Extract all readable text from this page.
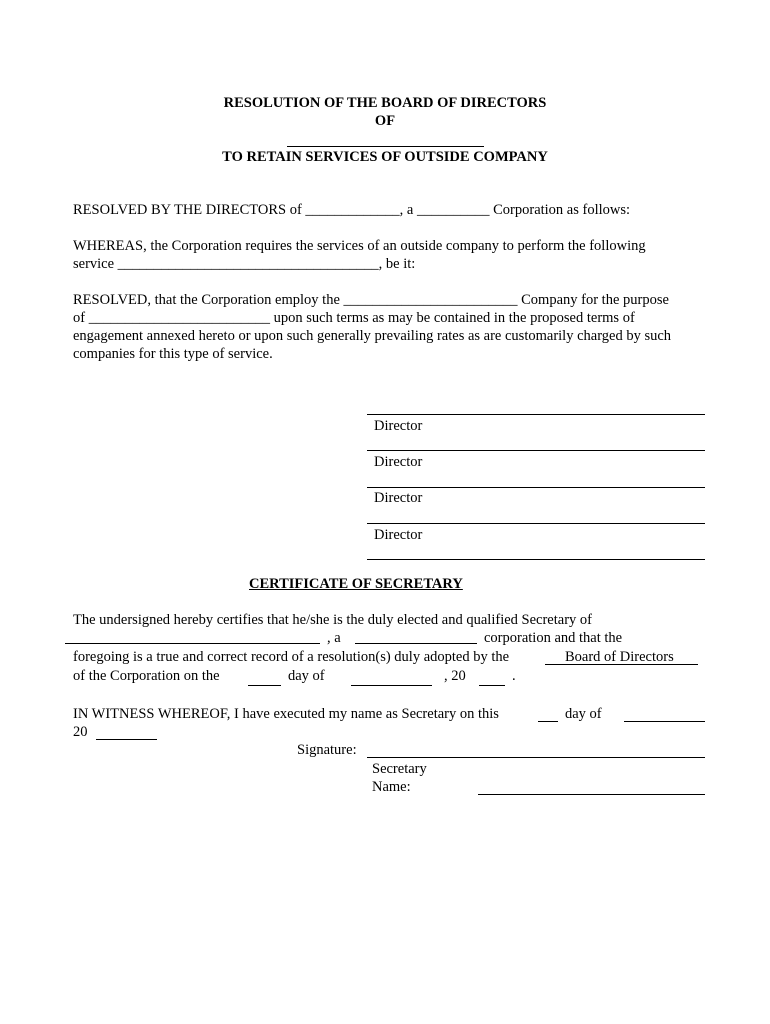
RESOLUTION OF THE BOARD OF DIRECTORS
OF
TO RETAIN SERVICES OF OUTSIDE COMPANY
RESOLVED BY THE DIRECTORS of _____________, a __________ Corporation as follows:
WHEREAS, the Corporation requires the services of an outside company to perform the following
service ____________________________________, be it:
RESOLVED, that the Corporation employ the ________________________ Company for the purpose
of _________________________ upon such terms as may be contained in the proposed terms of
engagement annexed hereto or upon such generally prevailing rates as are customarily charged by such
companies for this type of service.
Director
Director
Director
Director
CERTIFICATE OF SECRETARY
The undersigned hereby certifies that he/she is the duly elected and qualified Secretary of
, a	corporation and that the
foregoing is a true and correct record of a resolution(s) duly adopted by the	Board of Directors
of the Corporation on the	day of	, 20	.
IN WITNESS WHEREOF, I have executed my name as Secretary on this	day of
20
Signature:
Secretary
Name:
